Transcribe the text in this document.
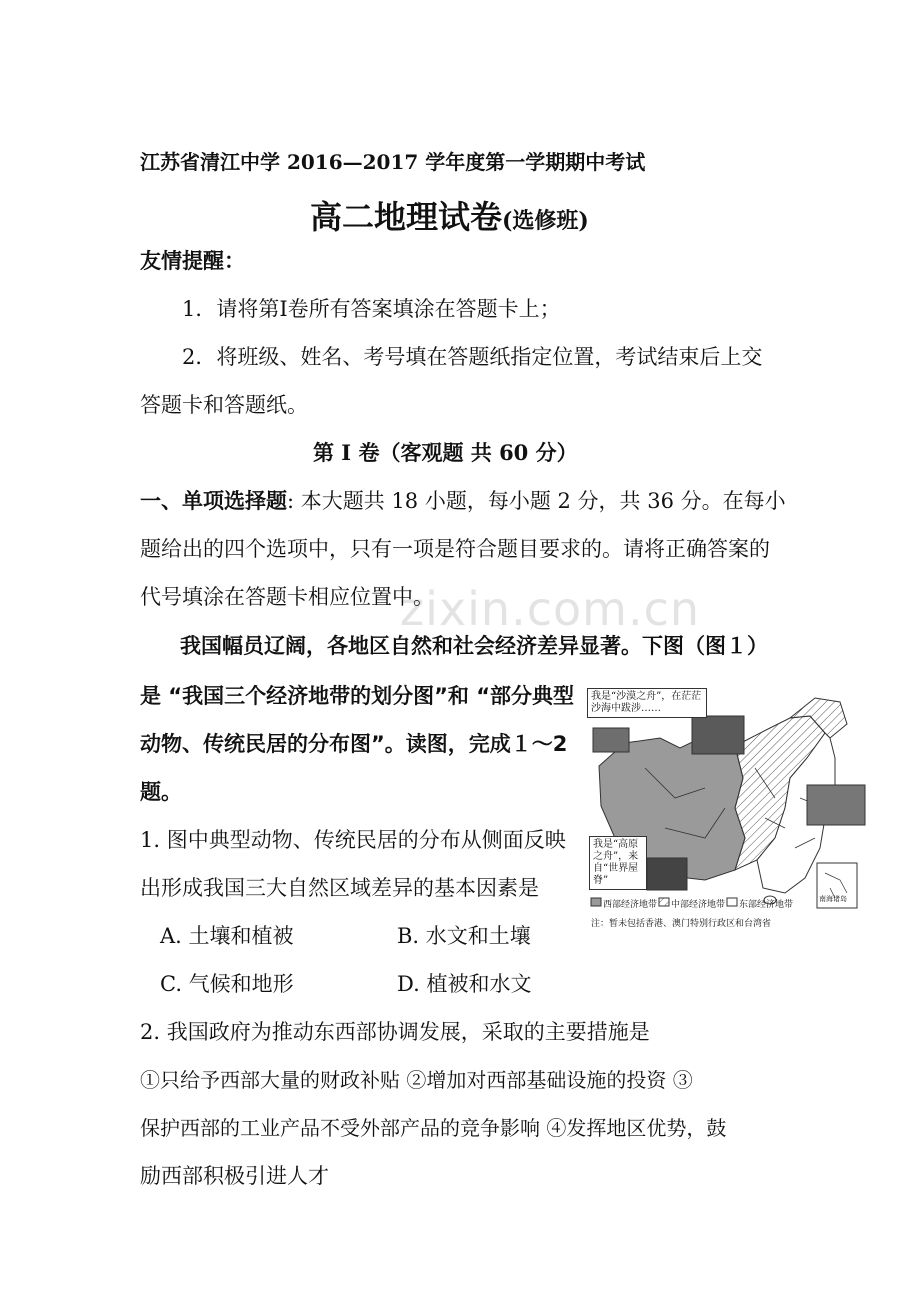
zixin.com.cn
江苏省清江中学 2016—2017 学年度第一学期期中考试
高二地理试卷(选修班)
友情提醒：
1．请将第Ⅰ卷所有答案填涂在答题卡上；
2．将班级、姓名、考号填在答题纸指定位置，考试结束后上交
答题卡和答题纸。
第 I 卷（客观题 共 60 分）
一、单项选择题: 本大题共 18 小题，每小题 2 分，共 36 分。在每小
题给出的四个选项中，只有一项是符合题目要求的。请将正确答案的
代号填涂在答题卡相应位置中。
我国幅员辽阔，各地区自然和社会经济差异显著。下图（图１）
是 “我国三个经济地带的划分图”和 “部分典型
动物、传统民居的分布图”。读图，完成１～2
题。
1. 图中典型动物、传统民居的分布从侧面反映
出形成我国三大自然区域差异的基本因素是
A. 土壤和植被	B. 水文和土壤
C. 气候和地形	D. 植被和水文
2. 我国政府为推动东西部协调发展，采取的主要措施是
①只给予西部大量的财政补贴 ②增加对西部基础设施的投资 ③
保护西部的工业产品不受外部产品的竞争影响 ④发挥地区优势，鼓
励西部积极引进人才
我是“沙漠之舟”，在茫茫沙海中跋涉……
我是“高原之舟”，来自“世界屋脊”
西部经济地带 中部经济地带 东部经济地带
南海诸岛
注：暂未包括香港、澳门特别行政区和台湾省
